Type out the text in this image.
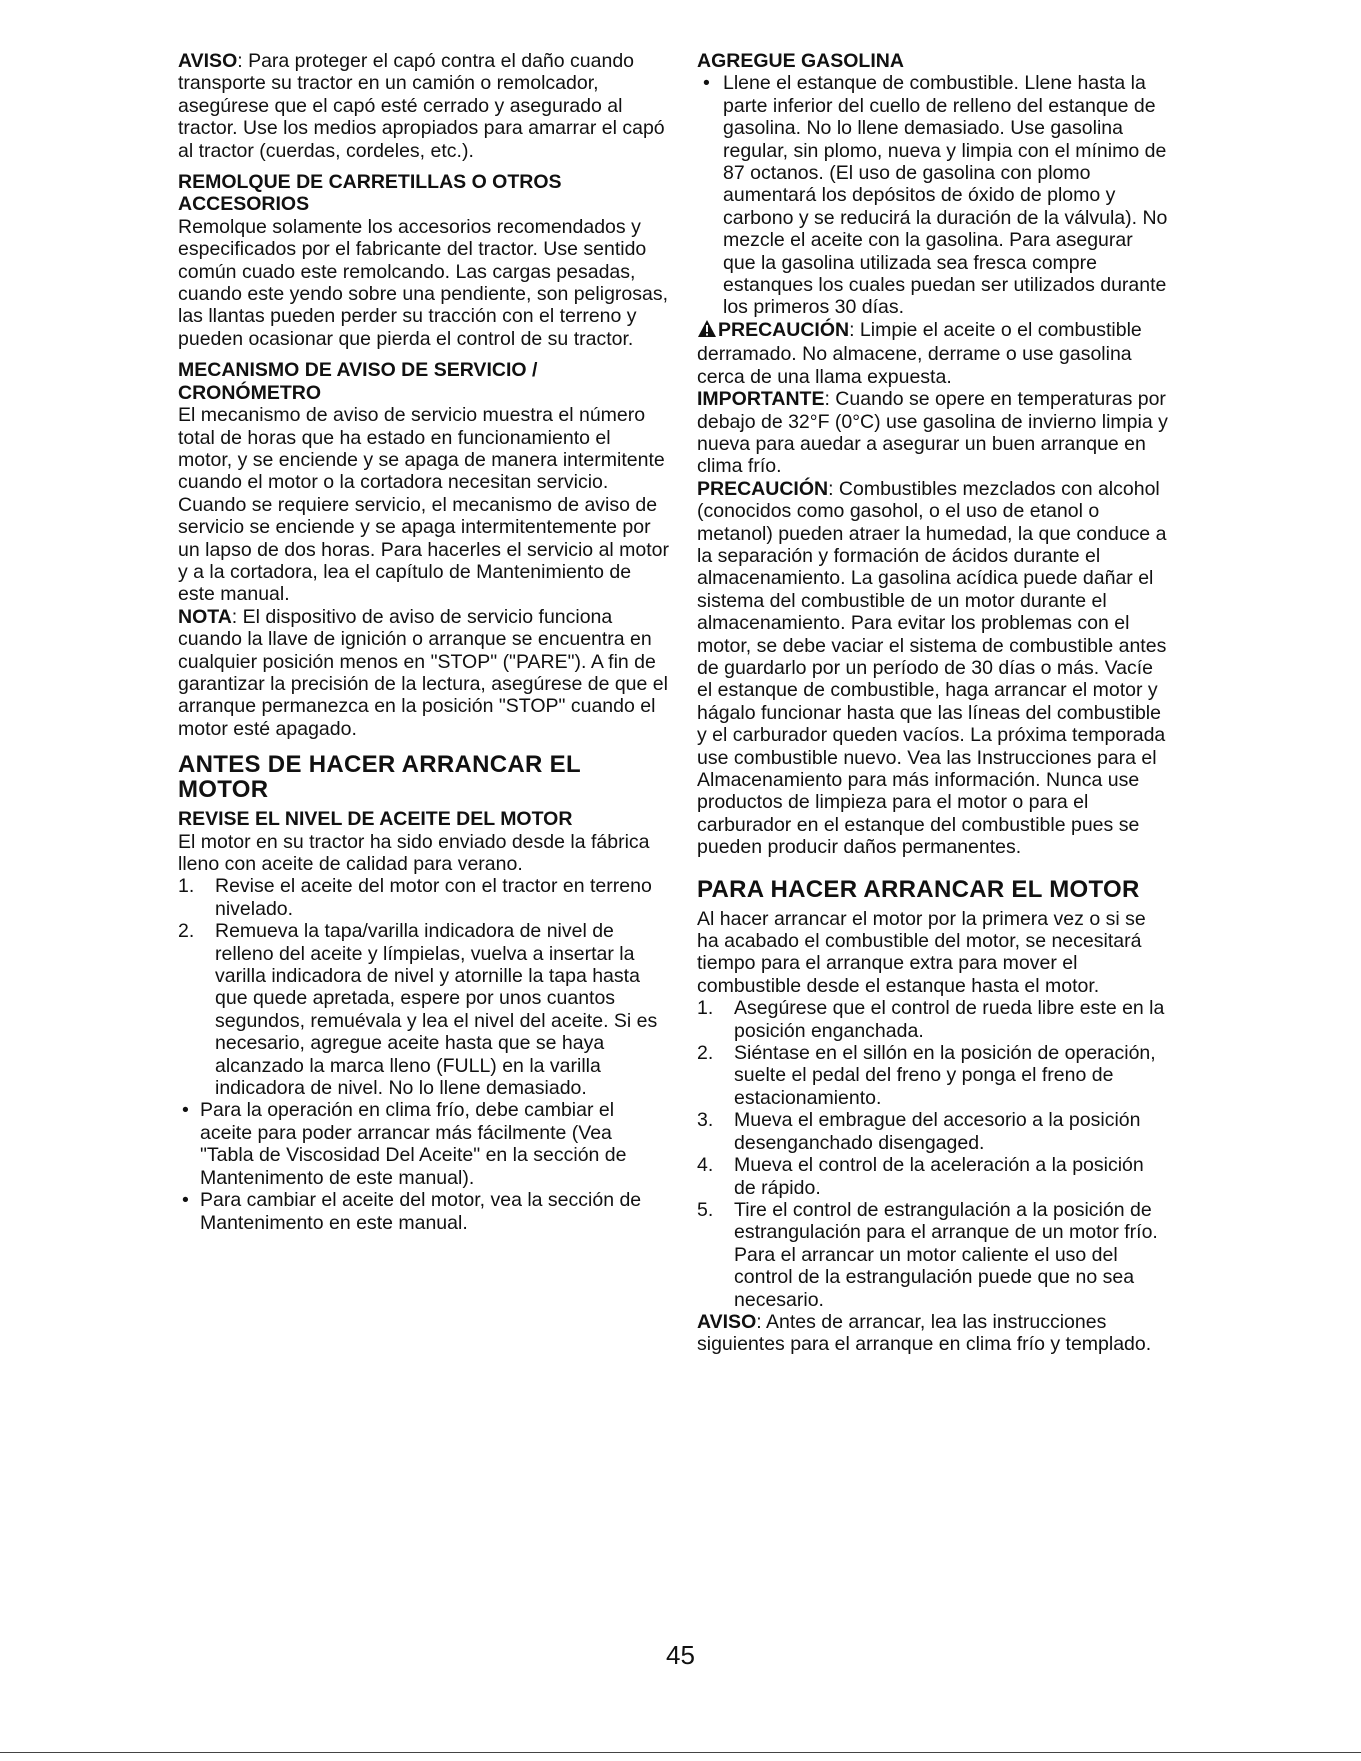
AVISO: Para proteger el capó contra el daño cuando transporte su tractor en un camión o remolcador, asegúrese que el capó esté cerrado y asegurado al tractor. Use los medios apropiados para amarrar el capó al tractor (cuerdas, cordeles, etc.).

REMOLQUE DE CARRETILLAS O OTROS ACCESORIOS

Remolque solamente los accesorios recomendados y especificados por el fabricante del tractor. Use sentido común cuado este remolcando. Las cargas pesadas, cuando este yendo sobre una pendiente, son peligrosas, las llantas pueden perder su tracción con el terreno y pueden ocasionar que pierda el control de su tractor.

MECANISMO DE AVISO DE SERVICIO / CRONÓMETRO

El mecanismo de aviso de servicio muestra el número total de horas que ha estado en funcionamiento el motor, y se enciende y se apaga de manera intermitente cuando el motor o la cortadora necesitan servicio. Cuando se requiere servicio, el mecanismo de aviso de servicio se enciende y se apaga intermitentemente por un lapso de dos horas. Para hacerles el servicio al motor y a la cortadora, lea el capítulo de Mantenimiento de este manual.

NOTA: El dispositivo de aviso de servicio funciona cuando la llave de ignición o arranque se encuentra en cualquier posición menos en "STOP" ("PARE"). A fin de garantizar la precisión de la lectura, asegúrese de que el arranque permanezca en la posición "STOP" cuando el motor esté apagado.

ANTES DE HACER ARRANCAR EL MOTOR
REVISE EL NIVEL DE ACEITE DEL MOTOR

El motor en su tractor ha sido enviado desde la fábrica lleno con aceite de calidad para verano.

1. Revise el aceite del motor con el tractor en terreno nivelado.
2. Remueva la tapa/varilla indicadora de nivel de relleno del aceite y límpielas, vuelva a insertar la varilla indicadora de nivel y atornille la tapa hasta que quede apretada, espere por unos cuantos segundos, remuévala y lea el nivel del aceite. Si es necesario, agregue aceite hasta que se haya alcanzado la marca lleno (FULL) en la varilla indicadora de nivel. No lo llene demasiado.
• Para la operación en clima frío, debe cambiar el aceite para poder arrancar más fácilmente (Vea "Tabla de Viscosidad Del Aceite" en la sección de Mantenimento de este manual).
• Para cambiar el aceite del motor, vea la sección de Mantenimento en este manual.
AGREGUE GASOLINA
• Llene el estanque de combustible. Llene hasta la parte inferior del cuello de relleno del estanque de gasolina. No lo llene demasiado. Use gasolina regular, sin plomo, nueva y limpia con el mínimo de 87 octanos. (El uso de gasolina con plomo aumentará los depósitos de óxido de plomo y carbono y se reducirá la duración de la válvula). No mezcle el aceite con la gasolina. Para asegurar que la gasolina utilizada sea fresca compre estanques los cuales puedan ser utilizados durante los primeros 30 días.

PRECAUCIÓN: Limpie el aceite o el combustible derramado. No almacene, derrame o use gasolina cerca de una llama expuesta.

IMPORTANTE: Cuando se opere en temperaturas por debajo de 32°F (0°C) use gasolina de invierno limpia y nueva para auedar a asegurar un buen arranque en clima frío.

PRECAUCIÓN: Combustibles mezclados con alcohol (conocidos como gasohol, o el uso de etanol o metanol) pueden atraer la humedad, la que conduce a la separación y formación de ácidos durante el almacenamiento. La gasolina acídica puede dañar el sistema del combustible de un motor durante el almacenamiento. Para evitar los problemas con el motor, se debe vaciar el sistema de combustible antes de guardarlo por un período de 30 días o más. Vacíe el estanque de combustible, haga arrancar el motor y hágalo funcionar hasta que las líneas del combustible y el carburador queden vacíos. La próxima temporada use combustible nuevo. Vea las Instrucciones para el Almacenamiento para más información. Nunca use productos de limpieza para el motor o para el carburador en el estanque del combustible pues se pueden producir daños permanentes.

PARA HACER ARRANCAR EL MOTOR

Al hacer arrancar el motor por la primera vez o si se ha acabado el combustible del motor, se necesitará tiempo para el arranque extra para mover el combustible desde el estanque hasta el motor.

1. Asegúrese que el control de rueda libre este en la posición enganchada.
2. Siéntase en el sillón en la posición de operación, suelte el pedal del freno y ponga el freno de estacionamiento.
3. Mueva el embrague del accesorio a la posición desenganchado disengaged.
4. Mueva el control de la aceleración a la posición de rápido.
5. Tire el control de estrangulación a la posición de estrangulación para el arranque de un motor frío. Para el arrancar un motor caliente el uso del control de la estrangulación puede que no sea necesario.

AVISO: Antes de arrancar, lea las instrucciones siguientes para el arranque en clima frío y templado.

45
